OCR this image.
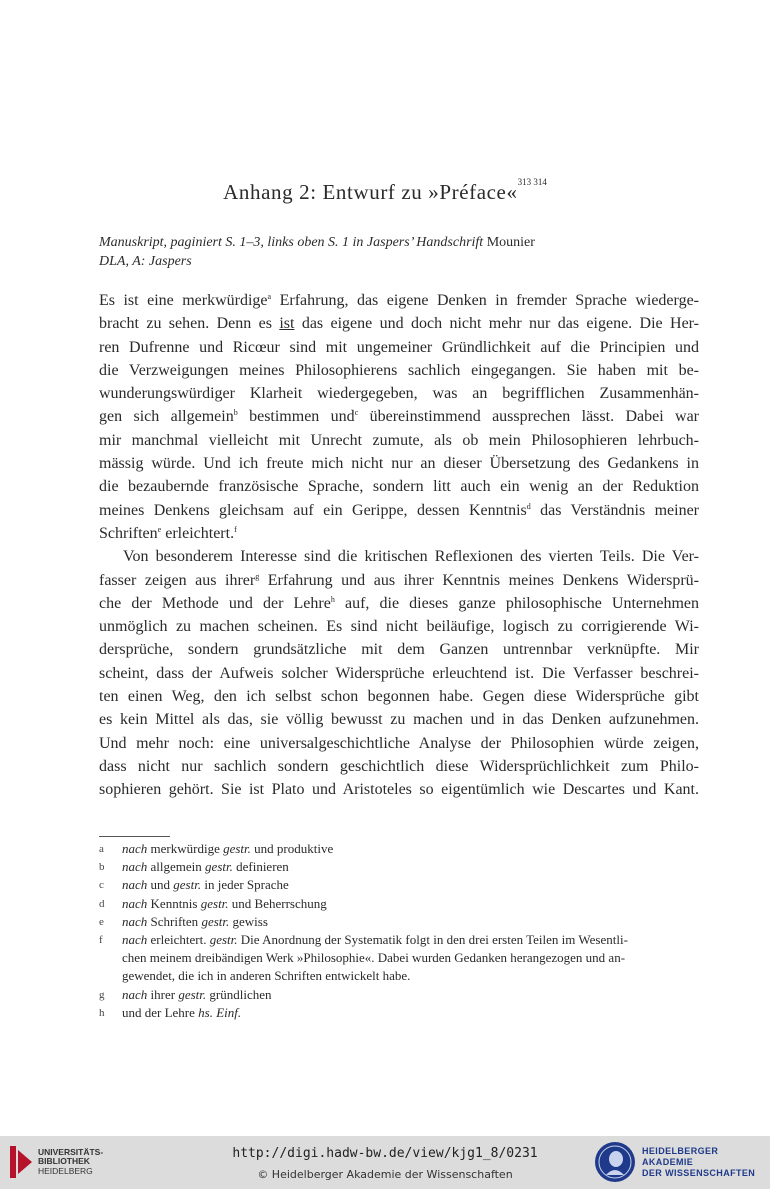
Anhang 2: Entwurf zu »Préface«$^{313 314}$
Manuskript, paginiert S. 1–3, links oben S. 1 in Jaspers’ Handschrift Mounier
DLA, A: Jaspers
Es ist eine merkwürdige$^a$ Erfahrung, das eigene Denken in fremder Sprache wiederge-
bracht zu sehen. Denn es ist das eigene und doch nicht mehr nur das eigene. Die Her-
ren Dufrenne und Ricœur sind mit ungemeiner Gründlichkeit auf die Principien und
die Verzweigungen meines Philosophierens sachlich eingegangen. Sie haben mit be-
wunderungswürdiger Klarheit wiedergegeben, was an begrifflichen Zusammenhän-
gen sich allgemein$^b$ bestimmen und$^c$ übereinstimmend aussprechen lässt. Dabei war
mir manchmal vielleicht mit Unrecht zumute, als ob mein Philosophieren lehrbuch-
mässig würde. Und ich freute mich nicht nur an dieser Übersetzung des Gedankens in
die bezaubernde französische Sprache, sondern litt auch ein wenig an der Reduktion
meines Denkens gleichsam auf ein Gerippe, dessen Kenntnis$^d$ das Verständnis meiner
Schriften$^e$ erleichtert.$^f$
Von besonderem Interesse sind die kritischen Reflexionen des vierten Teils. Die Ver-
fasser zeigen aus ihrer$^g$ Erfahrung und aus ihrer Kenntnis meines Denkens Widersprü-
che der Methode und der Lehre$^h$ auf, die dieses ganze philosophische Unternehmen
unmöglich zu machen scheinen. Es sind nicht beiläufige, logisch zu corrigierende Wi-
dersprüche, sondern grundsätzliche mit dem Ganzen untrennbar verknüpfte. Mir
scheint, dass der Aufweis solcher Widersprüche erleuchtend ist. Die Verfasser beschrei-
ten einen Weg, den ich selbst schon begonnen habe. Gegen diese Widersprüche gibt
es kein Mittel als das, sie völlig bewusst zu machen und in das Denken aufzunehmen.
Und mehr noch: eine universalgeschichtliche Analyse der Philosophien würde zeigen,
dass nicht nur sachlich sondern geschichtlich diese Widersprüchlichkeit zum Philo-
sophieren gehört. Sie ist Plato und Aristoteles so eigentümlich wie Descartes und Kant.
a nach merkwürdige gestr. und produktive
b nach allgemein gestr. definieren
c nach und gestr. in jeder Sprache
d nach Kenntnis gestr. und Beherrschung
e nach Schriften gestr. gewiss
f nach erleichtert. gestr. Die Anordnung der Systematik folgt in den drei ersten Teilen im Wesentli-
chen meinem dreibändigen Werk »Philosophie«. Dabei wurden Gedanken herangezogen und an-
gewendet, die ich in anderen Schriften entwickelt habe.
g nach ihrer gestr. gründlichen
h und der Lehre hs. Einf.
UNIVERSITÄTS-
BIBLIOTHEK
HEIDELBERG
http://digi.hadw-bw.de/view/kjg1_8/0231
© Heidelberger Akademie der Wissenschaften
HEIDELBERGER AKADEMIE
DER WISSENSCHAFTEN
